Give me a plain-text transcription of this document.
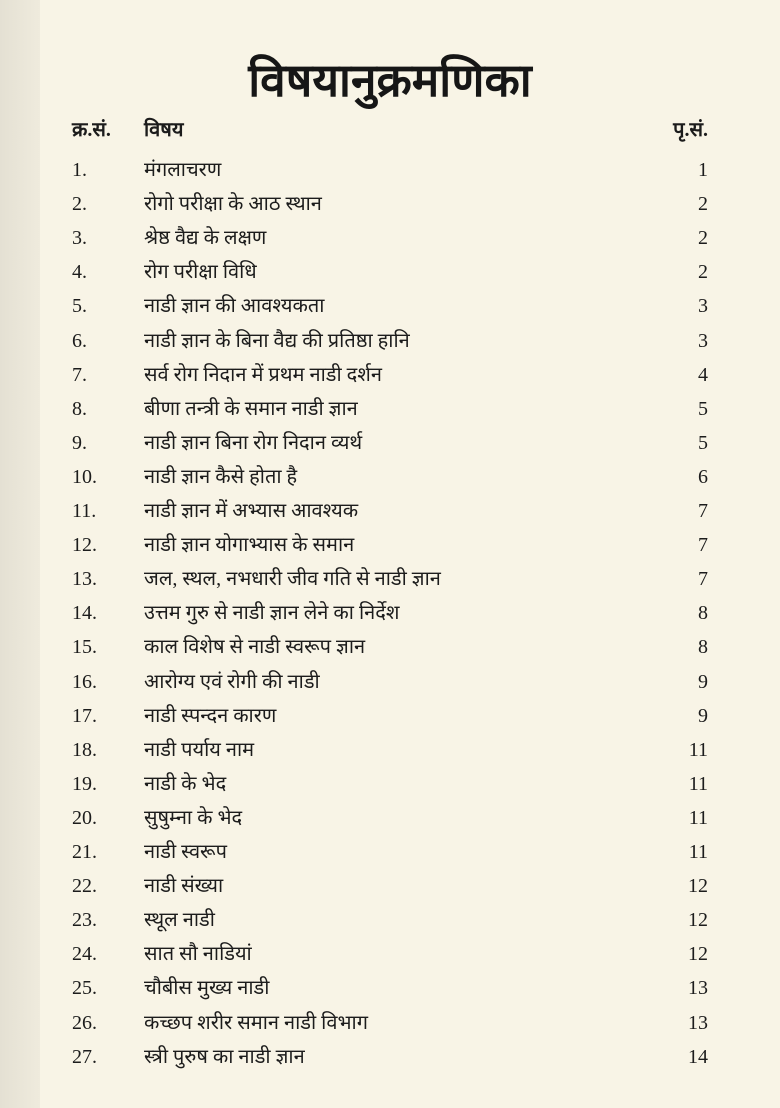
विषयानुक्रमणिका
क्र.सं. विषय	पृ.सं.
1.	मंगलाचरण	1
2.	रोगो परीक्षा के आठ स्थान	2
3.	श्रेष्ठ वैद्य के लक्षण	2
4.	रोग परीक्षा विधि	2
5.	नाडी ज्ञान की आवश्यकता	3
6.	नाडी ज्ञान के बिना वैद्य की प्रतिष्ठा हानि	3
7.	सर्व रोग निदान में प्रथम नाडी दर्शन	4
8.	बीणा तन्त्री के समान नाडी ज्ञान	5
9.	नाडी ज्ञान बिना रोग निदान व्यर्थ	5
10. नाडी ज्ञान कैसे होता है	6
11. नाडी ज्ञान में अभ्यास आवश्यक	7
12. नाडी ज्ञान योगाभ्यास के समान	7
13. जल, स्थल, नभधारी जीव गति से नाडी ज्ञान	7
14. उत्तम गुरु से नाडी ज्ञान लेने का निर्देश	8
15. काल विशेष से नाडी स्वरूप ज्ञान	8
16. आरोग्य एवं रोगी की नाडी	9
17. नाडी स्पन्दन कारण	9
18. नाडी पर्याय नाम	11
19. नाडी के भेद	11
20. सुषुम्ना के भेद	11
21. नाडी स्वरूप	11
22. नाडी संख्या	12
23. स्थूल नाडी	12
24. सात सौ नाडियां	12
25. चौबीस मुख्य नाडी	13
26. कच्छप शरीर समान नाडी विभाग	13
27. स्त्री पुरुष का नाडी ज्ञान	14
